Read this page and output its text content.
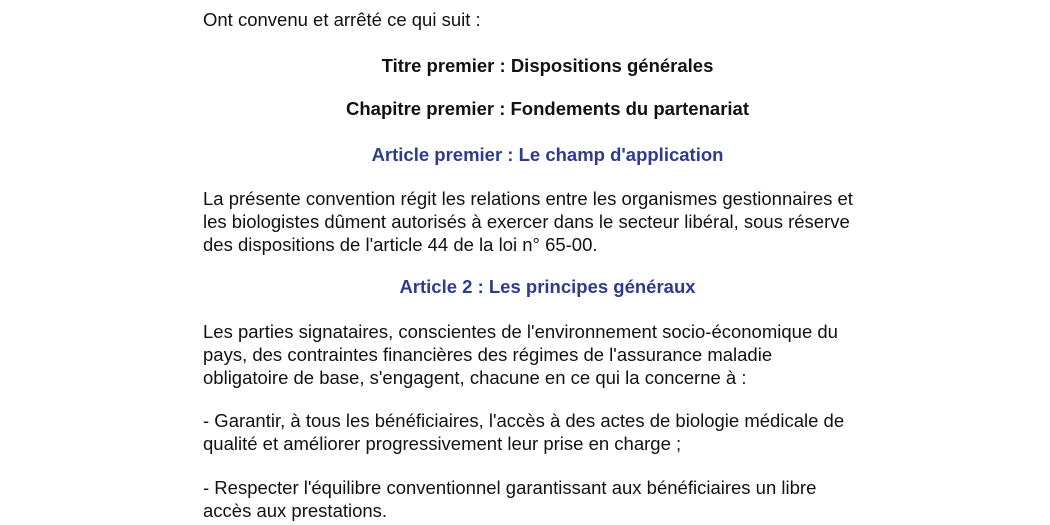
Ont convenu et arrêté ce qui suit :

Titre premier : Dispositions générales

Chapitre premier : Fondements du partenariat

Article premier : Le champ d'application

La présente convention régit les relations entre les organismes gestionnaires et
les biologistes dûment autorisés à exercer dans le secteur libéral, sous réserve
des dispositions de l'article 44 de la loi n° 65-00.

Article 2 : Les principes généraux

Les parties signataires, conscientes de l'environnement socio-économique du
pays, des contraintes financières des régimes de l'assurance maladie
obligatoire de base, s'engagent, chacune en ce qui la concerne à :
- Garantir, à tous les bénéficiaires, l'accès à des actes de biologie médicale de
qualité et améliorer progressivement leur prise en charge ;
- Respecter l'équilibre conventionnel garantissant aux bénéficiaires un libre
accès aux prestations.
